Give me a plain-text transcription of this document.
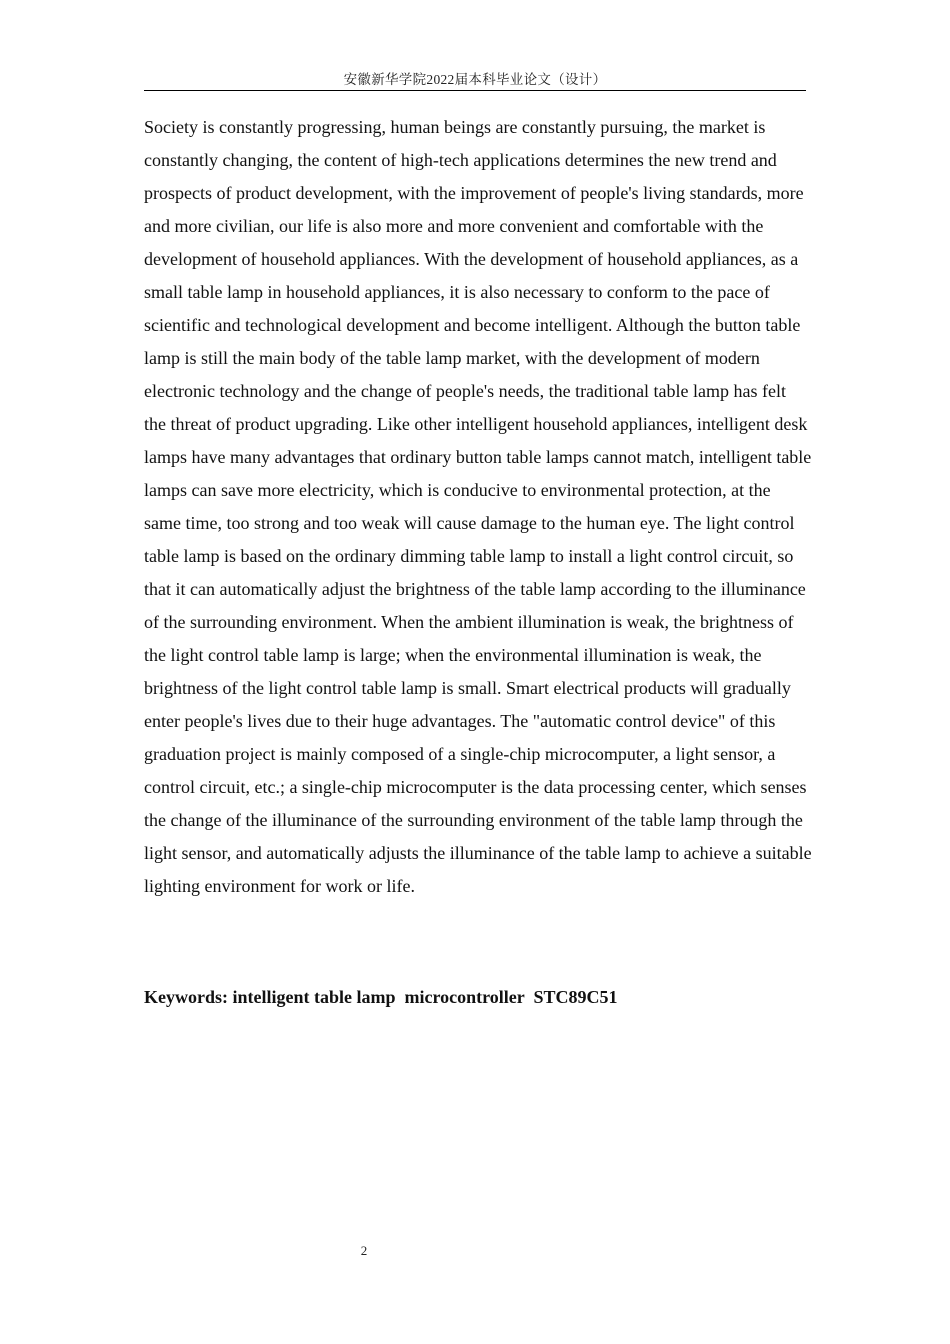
安徽新华学院2022届本科毕业论文（设计）

Society is constantly progressing, human beings are constantly pursuing, the market is constantly changing, the content of high-tech applications determines the new trend and prospects of product development, with the improvement of people's living standards, more and more civilian, our life is also more and more convenient and comfortable with the development of household appliances. With the development of household appliances, as a small table lamp in household appliances, it is also necessary to conform to the pace of scientific and technological development and become intelligent. Although the button table lamp is still the main body of the table lamp market, with the development of modern electronic technology and the change of people's needs, the traditional table lamp has felt the threat of product upgrading. Like other intelligent household appliances, intelligent desk lamps have many advantages that ordinary button table lamps cannot match, intelligent table lamps can save more electricity, which is conducive to environmental protection, at the same time, too strong and too weak will cause damage to the human eye. The light control table lamp is based on the ordinary dimming table lamp to install a light control circuit, so that it can automatically adjust the brightness of the table lamp according to the illuminance of the surrounding environment. When the ambient illumination is weak, the brightness of the light control table lamp is large; when the environmental illumination is weak, the brightness of the light control table lamp is small. Smart electrical products will gradually enter people's lives due to their huge advantages. The "automatic control device" of this graduation project is mainly composed of a single-chip microcomputer, a light sensor, a control circuit, etc.; a single-chip microcomputer is the data processing center, which senses the change of the illuminance of the surrounding environment of the table lamp through the light sensor, and automatically adjusts the illuminance of the table lamp to achieve a suitable lighting environment for work or life.

Keywords: intelligent table lamp  microcontroller  STC89C51
2
